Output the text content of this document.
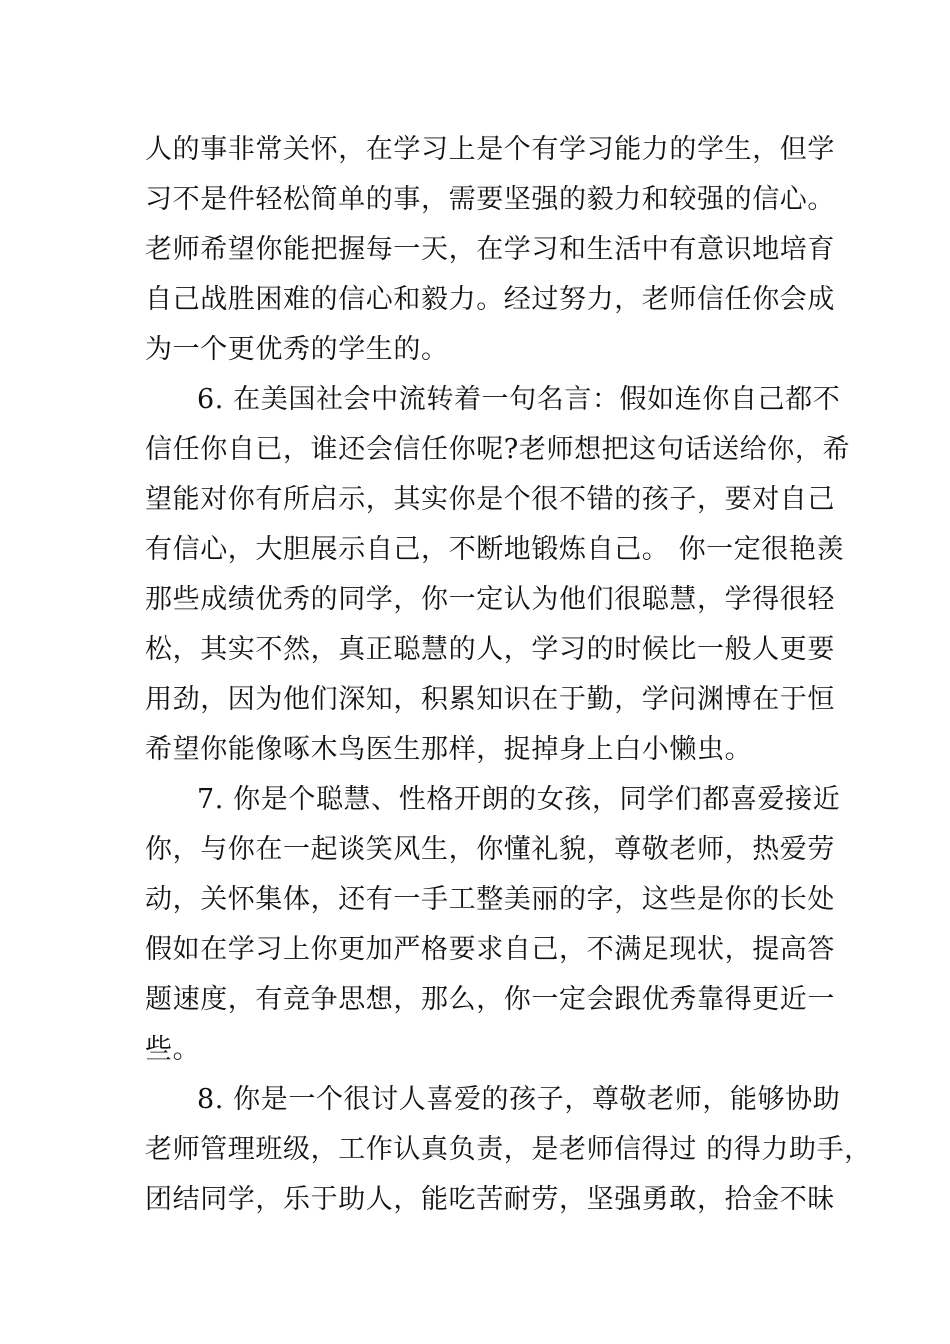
人的事非常关怀，在学习上是个有学习能力的学生，但学
习不是件轻松简单的事，需要坚强的毅力和较强的信心。
老师希望你能把握每一天，在学习和生活中有意识地培育
自己战胜困难的信心和毅力。经过努力，老师信任你会成
为一个更优秀的学生的。
6. 在美国社会中流转着一句名言：假如连你自己都不
信任你自已，谁还会信任你呢?老师想把这句话送给你，希
望能对你有所启示，其实你是个很不错的孩子，要对自己
有信心，大胆展示自己，不断地锻炼自己。 你一定很艳羡
那些成绩优秀的同学，你一定认为他们很聪慧，学得很轻
松，其实不然，真正聪慧的人，学习的时候比一般人更要
用劲，因为他们深知，积累知识在于勤，学问渊博在于恒
希望你能像啄木鸟医生那样，捉掉身上白小懒虫。
7. 你是个聪慧、性格开朗的女孩，同学们都喜爱接近
你，与你在一起谈笑风生，你懂礼貌，尊敬老师，热爱劳
动，关怀集体，还有一手工整美丽的字，这些是你的长处
假如在学习上你更加严格要求自己，不满足现状，提高答
题速度，有竞争思想，那么，你一定会跟优秀靠得更近一
些。
8. 你是一个很讨人喜爱的孩子，尊敬老师，能够协助
老师管理班级，工作认真负责，是老师信得过 的得力助手，
团结同学，乐于助人，能吃苦耐劳，坚强勇敢，拾金不昧
